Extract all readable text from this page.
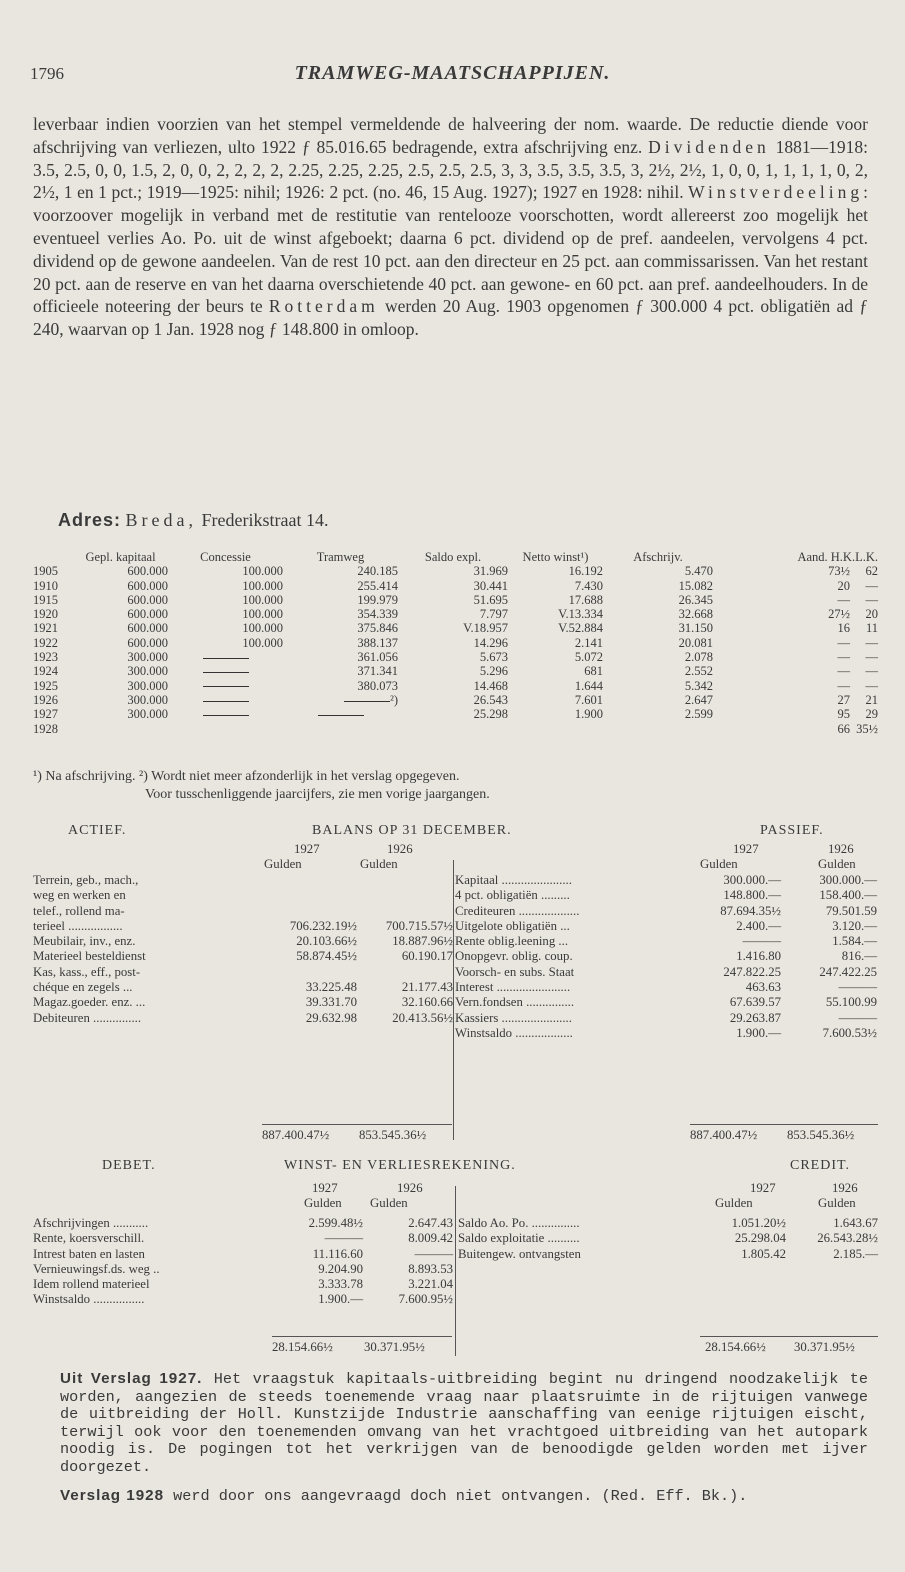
1796	TRAMWEG-MAATSCHAPPIJEN.

leverbaar indien voorzien van het stempel vermeldende de halveering der nom. waarde. De reductie diende voor afschrijving van verliezen, ulto 1922 ƒ 85.016.65 bedragende, extra afschrijving enz. Dividenden 1881—1918: 3.5, 2.5, 0, 0, 1.5, 2, 0, 0, 2, 2, 2, 2, 2.25, 2.25, 2.25, 2.5, 2.5, 2.5, 3, 3, 3.5, 3.5, 3.5, 3, 2½, 2½, 1, 0, 0, 1, 1, 1, 1, 0, 2, 2½, 1 en 1 pct.; 1919—1925: nihil; 1926: 2 pct. (no. 46, 15 Aug. 1927); 1927 en 1928: nihil. Winstverdeeling: voorzoover mogelijk in verband met de restitutie van rentelooze voorschotten, wordt allereerst zoo mogelijk het eventueel verlies Ao. Po. uit de winst afgeboekt; daarna 6 pct. dividend op de pref. aandeelen, vervolgens 4 pct. dividend op de gewone aandeelen. Van de rest 10 pct. aan den directeur en 25 pct. aan commissarissen. Van het restant 20 pct. aan de reserve en van het daarna overschietende 40 pct. aan gewone- en 60 pct. aan pref. aandeelhouders. In de officieele noteering der beurs te Rotterdam werden 20 Aug. 1903 opgenomen ƒ 300.000 4 pct. obligatiën ad ƒ 240, waarvan op 1 Jan. 1928 nog ƒ 148.800 in omloop.

Adres: Breda, Frederikstraat 14.
	Gepl. kapitaal	Concessie	Tramweg	Saldo expl.	Netto winst¹)	Afschrijv.	Aand. H.K.L.K.
1905	600.000	100.000	240.185	31.969	16.192	5.470	73½ 62
1910	600.000	100.000	255.414	30.441	7.430	15.082	20 —
1915	600.000	100.000	199.979	51.695	17.688	26.345	— —
1920	600.000	100.000	354.339	7.797	V.13.334	32.668	27½ 20
1921	600.000	100.000	375.846	V.18.957	V.52.884	31.150	16 11
1922	600.000	100.000	388.137	14.296	2.141	20.081	— —
1923	300.000		361.056	5.673	5.072	2.078	— —
1924	300.000		371.341	5.296	681	2.552	— —
1925	300.000		380.073	14.468	1.644	5.342	— —
1926	300.000		²)	26.543	7.601	2.647	27 21
1927	300.000			25.298	1.900	2.599	95 29
1928							66 35½
¹) Na afschrijving. ²) Wordt niet meer afzonderlijk in het verslag opgegeven.
Voor tusschenliggende jaarcijfers, zie men vorige jaargangen.
ACTIEF.	BALANS OP 31 DECEMBER.	PASSIEF.
1927	1926
Gulden	Gulden
1927	1926
Gulden	Gulden
Terrein, geb., mach.,		
weg en werken en		
telef., rollend ma-		
terieel .................	706.232.19½	700.715.57½
Meubilair, inv., enz.	20.103.66½	18.887.96½
Materieel besteldienst	58.874.45½	60.190.17
Kas, kass., eff., post-		
chéque en zegels ...	33.225.48	21.177.43
Magaz.goeder. enz. ...	39.331.70	32.160.66
Debiteuren ...............	29.632.98	20.413.56½
887.400.47½ 853.545.36½
Kapitaal ......................	300.000.—	300.000.—
4 pct. obligatiën .........	148.800.—	158.400.—
Crediteuren ...................	87.694.35½	79.501.59
Uitgelote obligatiën ...	2.400.—	3.120.—
Rente oblig.leening ...	———	1.584.—
Onopgevr. oblig. coup.	1.416.80	816.—
Voorsch- en subs. Staat	247.822.25	247.422.25
Interest .......................	463.63	———
Vern.fondsen ...............	67.639.57	55.100.99
Kassiers ......................	29.263.87	———
Winstsaldo ..................	1.900.—	7.600.53½
887.400.47½ 853.545.36½
DEBET.	WINST- EN VERLIESREKENING.	CREDIT.
1927	1926
Gulden Gulden
1927	1926
Gulden	Gulden
Afschrijvingen ...........	2.599.48½	2.647.43
Rente, koersverschill.	———	8.009.42
Intrest baten en lasten	11.116.60	———
Vernieuwingsf.ds. weg ..	9.204.90	8.893.53
Idem rollend materieel	3.333.78	3.221.04
Winstsaldo ................	1.900.—	7.600.95½
28.154.66½ 30.371.95½
Saldo Ao. Po. ...............	1.051.20½	1.643.67
Saldo exploitatie ..........	25.298.04	26.543.28½
Buitengew. ontvangsten	1.805.42	2.185.—
28.154.66½ 30.371.95½
Uit Verslag 1927. Het vraagstuk kapitaals-uitbreiding begint nu dringend noodzakelijk te worden, aangezien de steeds toenemende vraag naar plaatsruimte in de rijtuigen vanwege de uitbreiding der Holl. Kunstzijde Industrie aanschaffing van eenige rijtuigen eischt, terwijl ook voor den toenemenden omvang van het vrachtgoed uitbreiding van het autopark noodig is. De pogingen tot het verkrijgen van de benoodigde gelden worden met ijver doorgezet.
Verslag 1928 werd door ons aangevraagd doch niet ontvangen. (Red. Eff. Bk.).
